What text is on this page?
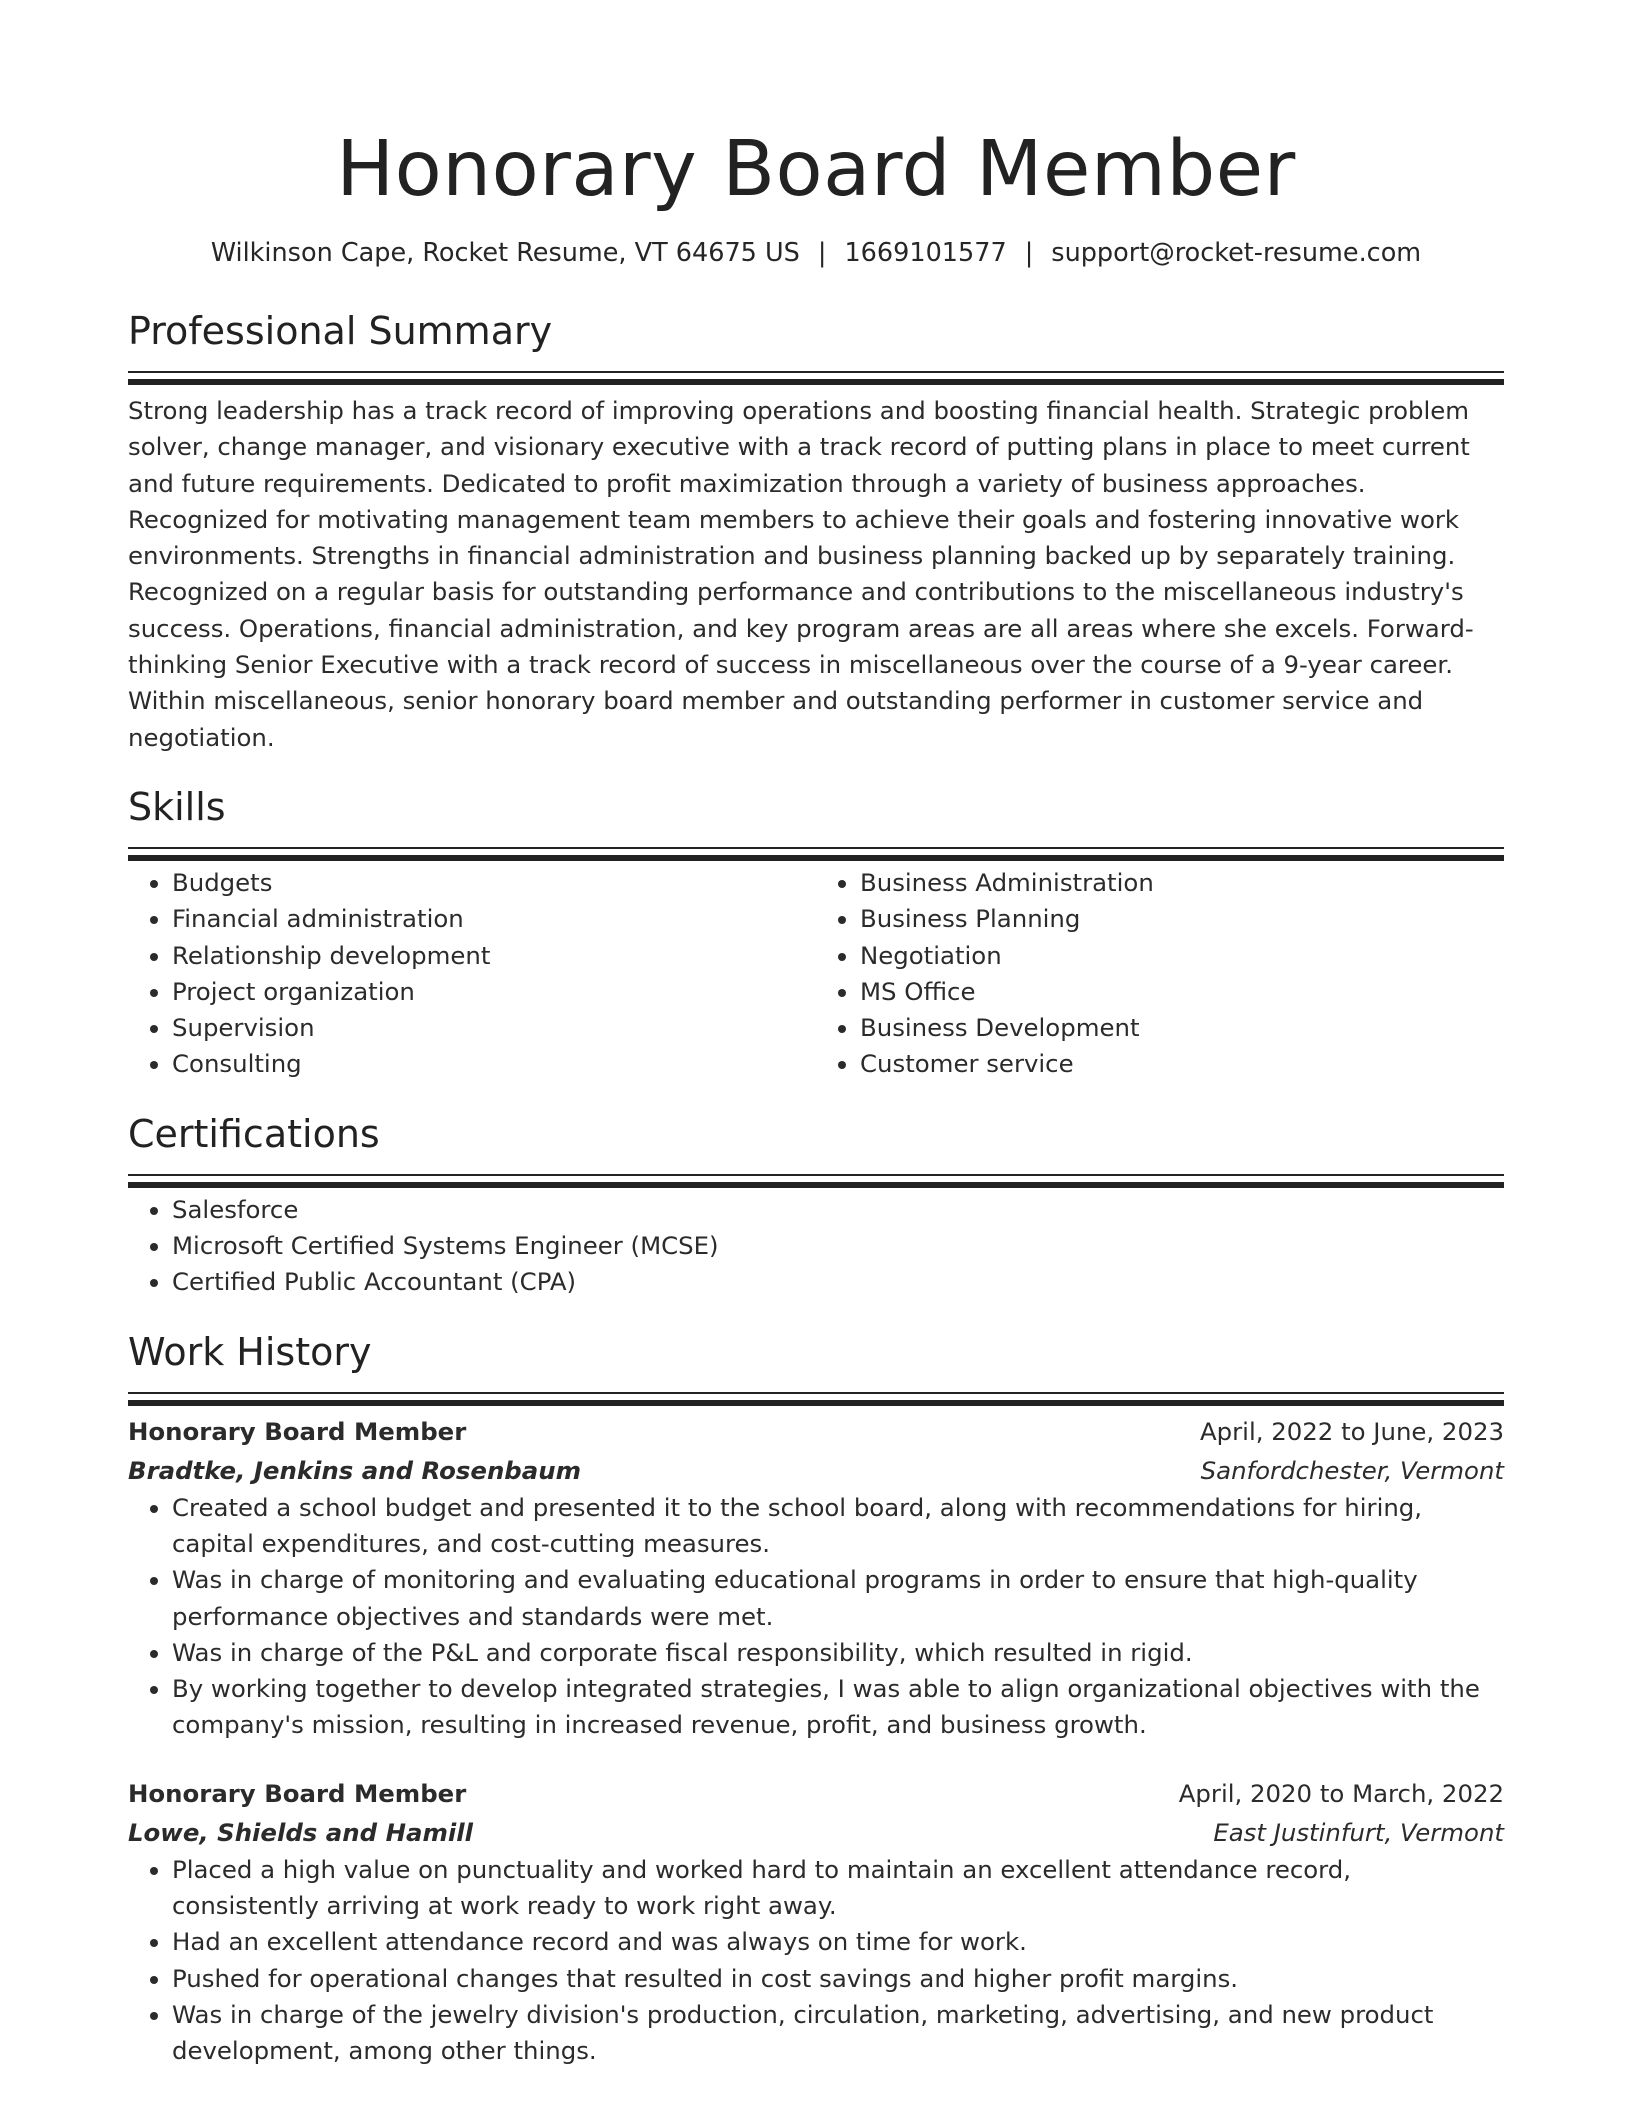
Honorary Board Member
Wilkinson Cape, Rocket Resume, VT 64675 US | 1669101577 | support@rocket-resume.com
Professional Summary

Strong leadership has a track record of improving operations and boosting financial health. Strategic problem solver, change manager, and visionary executive with a track record of putting plans in place to meet current and future requirements. Dedicated to profit maximization through a variety of business approaches. Recognized for motivating management team members to achieve their goals and fostering innovative work environments. Strengths in financial administration and business planning backed up by separately training. Recognized on a regular basis for outstanding performance and contributions to the miscellaneous industry's success. Operations, financial administration, and key program areas are all areas where she excels. Forward-thinking Senior Executive with a track record of success in miscellaneous over the course of a 9-year career. Within miscellaneous, senior honorary board member and outstanding performer in customer service and negotiation.

Skills
• Budgets
• Financial administration
• Relationship development
• Project organization
• Supervision
• Consulting
• Business Administration
• Business Planning
• Negotiation
• MS Office
• Business Development
• Customer service
Certifications
• Salesforce
• Microsoft Certified Systems Engineer (MCSE)
• Certified Public Accountant (CPA)
Work History
Honorary Board Member	April, 2022 to June, 2023
Bradtke, Jenkins and Rosenbaum	Sanfordchester, Vermont
• Created a school budget and presented it to the school board, along with recommendations for hiring, capital expenditures, and cost-cutting measures.
• Was in charge of monitoring and evaluating educational programs in order to ensure that high-quality performance objectives and standards were met.
• Was in charge of the P&L and corporate fiscal responsibility, which resulted in rigid.
• By working together to develop integrated strategies, I was able to align organizational objectives with the company's mission, resulting in increased revenue, profit, and business growth.
Honorary Board Member	April, 2020 to March, 2022
Lowe, Shields and Hamill	East Justinfurt, Vermont
• Placed a high value on punctuality and worked hard to maintain an excellent attendance record, consistently arriving at work ready to work right away.
• Had an excellent attendance record and was always on time for work.
• Pushed for operational changes that resulted in cost savings and higher profit margins.
• Was in charge of the jewelry division's production, circulation, marketing, advertising, and new product development, among other things.
